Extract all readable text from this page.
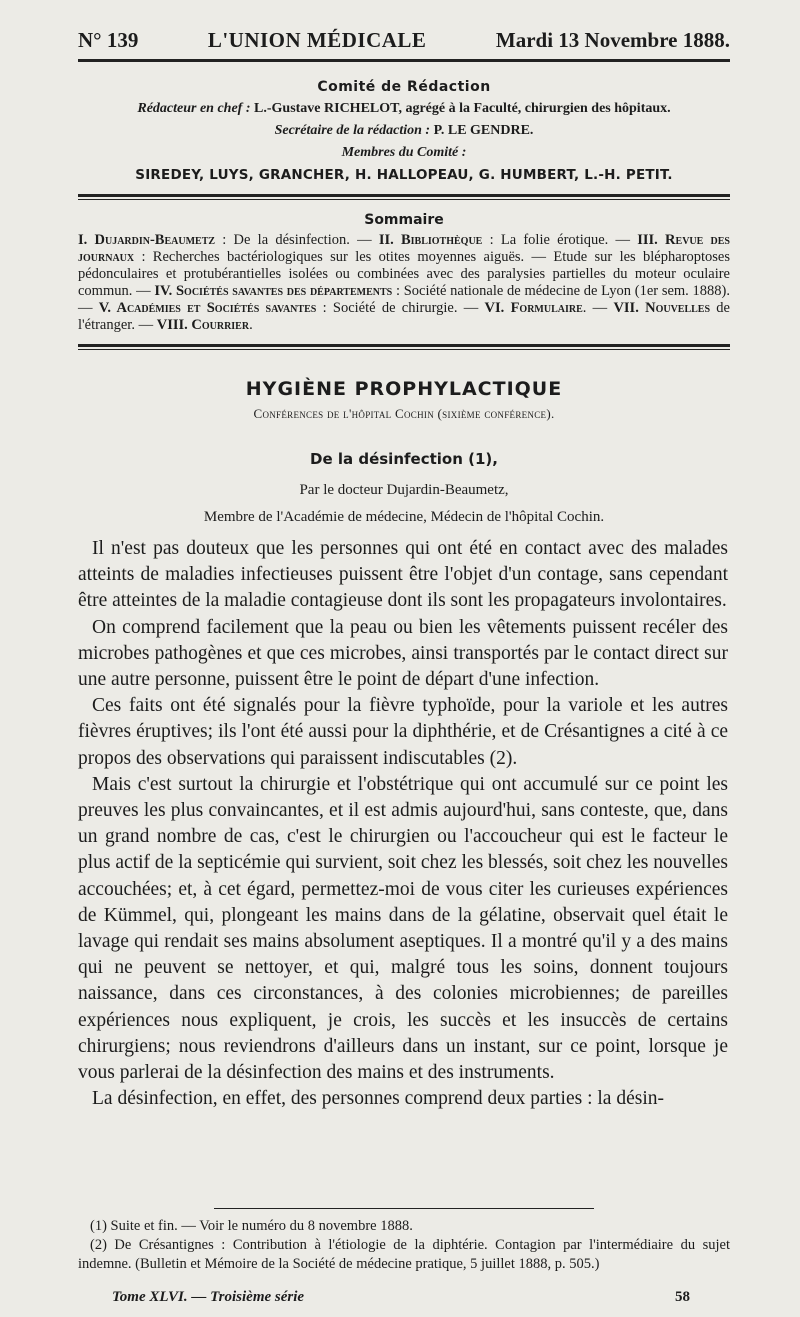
N° 139	L'UNION MÉDICALE	Mardi 13 Novembre 1888.
Comité de Rédaction
Rédacteur en chef : L.-Gustave RICHELOT, agrégé à la Faculté, chirurgien des hôpitaux.
Secrétaire de la rédaction : P. LE GENDRE.
Membres du Comité :
SIREDEY, LUYS, GRANCHER, H. HALLOPEAU, G. HUMBERT, L.-H. PETIT.
Sommaire
I. Dujardin-Beaumetz : De la désinfection. — II. Bibliothèque : La folie érotique. — III. Revue des journaux : Recherches bactériologiques sur les otites moyennes aiguës. — Etude sur les blépharoptoses pédonculaires et protubérantielles isolées ou combinées avec des paralysies partielles du moteur oculaire commun. — IV. Sociétés savantes des départements : Société nationale de médecine de Lyon (1er sem. 1888). — V. Académies et Sociétés savantes : Société de chirurgie. — VI. Formulaire. — VII. Nouvelles de l'étranger. — VIII. Courrier.
HYGIÈNE PROPHYLACTIQUE
Conférences de l'hôpital Cochin (sixième conférence).
De la désinfection (1),
Par le docteur Dujardin-Beaumetz,
Membre de l'Académie de médecine, Médecin de l'hôpital Cochin.

Il n'est pas douteux que les personnes qui ont été en contact avec des malades atteints de maladies infectieuses puissent être l'objet d'un contage, sans cependant être atteintes de la maladie contagieuse dont ils sont les propagateurs involontaires.

On comprend facilement que la peau ou bien les vêtements puissent recéler des microbes pathogènes et que ces microbes, ainsi transportés par le contact direct sur une autre personne, puissent être le point de départ d'une infection.

Ces faits ont été signalés pour la fièvre typhoïde, pour la variole et les autres fièvres éruptives; ils l'ont été aussi pour la diphthérie, et de Crésantignes a cité à ce propos des observations qui paraissent indiscutables (2).

Mais c'est surtout la chirurgie et l'obstétrique qui ont accumulé sur ce point les preuves les plus convaincantes, et il est admis aujourd'hui, sans conteste, que, dans un grand nombre de cas, c'est le chirurgien ou l'accoucheur qui est le facteur le plus actif de la septicémie qui survient, soit chez les blessés, soit chez les nouvelles accouchées; et, à cet égard, permettez-moi de vous citer les curieuses expériences de Kümmel, qui, plongeant les mains dans de la gélatine, observait quel était le lavage qui rendait ses mains absolument aseptiques. Il a montré qu'il y a des mains qui ne peuvent se nettoyer, et qui, malgré tous les soins, donnent toujours naissance, dans ces circonstances, à des colonies microbiennes; de pareilles expériences nous expliquent, je crois, les succès et les insuccès de certains chirurgiens; nous reviendrons d'ailleurs dans un instant, sur ce point, lorsque je vous parlerai de la désinfection des mains et des instruments.

La désinfection, en effet, des personnes comprend deux parties : la désin-

(1) Suite et fin. — Voir le numéro du 8 novembre 1888.

(2) De Crésantignes : Contribution à l'étiologie de la diphtérie. Contagion par l'intermédiaire du sujet indemne. (Bulletin et Mémoire de la Société de médecine pratique, 5 juillet 1888, p. 505.)

Tome XLVI. — Troisième série	58
